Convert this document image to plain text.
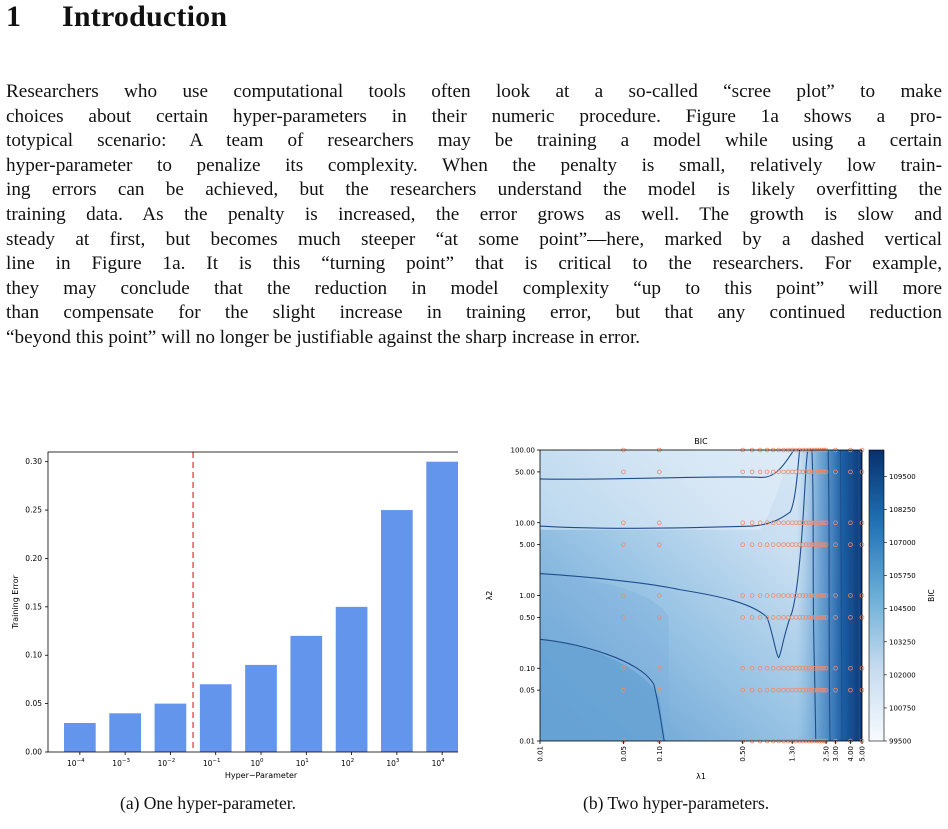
1 Introduction
Researchers who use computational tools often look at a so-called “scree plot” to make
choices about certain hyper-parameters in their numeric procedure. Figure 1a shows a pro-
totypical scenario: A team of researchers may be training a model while using a certain
hyper-parameter to penalize its complexity. When the penalty is small, relatively low train-
ing errors can be achieved, but the researchers understand the model is likely overfitting the
training data. As the penalty is increased, the error grows as well. The growth is slow and
steady at first, but becomes much steeper “at some point”—here, marked by a dashed vertical
line in Figure 1a. It is this “turning point” that is critical to the researchers. For example,
they may conclude that the reduction in model complexity “up to this point” will more
than compensate for the slight increase in training error, but that any continued reduction
“beyond this point” will no longer be justifiable against the sharp increase in error.
0.00
0.05
0.10
0.15
0.20
0.25
0.30
$10^{-4}$	$10^{-3}$	$10^{-2}$	$10^{-1}$	$10^0$	$10^1$	$10^2$	$10^3$	$10^4$
Hyper−Parameter
Training Error
BIC
0.01
0.05
0.10
0.50
1.00
5.00
10.00
50.00
100.00
0.01	0.05	0.10	0.50	1.30	2.50 3.00 4.00 5.00
λ1
λ2
109500
108250
107000
105750
104500
103250
102000
100750
99500
BIC
(a) One hyper-parameter.	(b) Two hyper-parameters.
